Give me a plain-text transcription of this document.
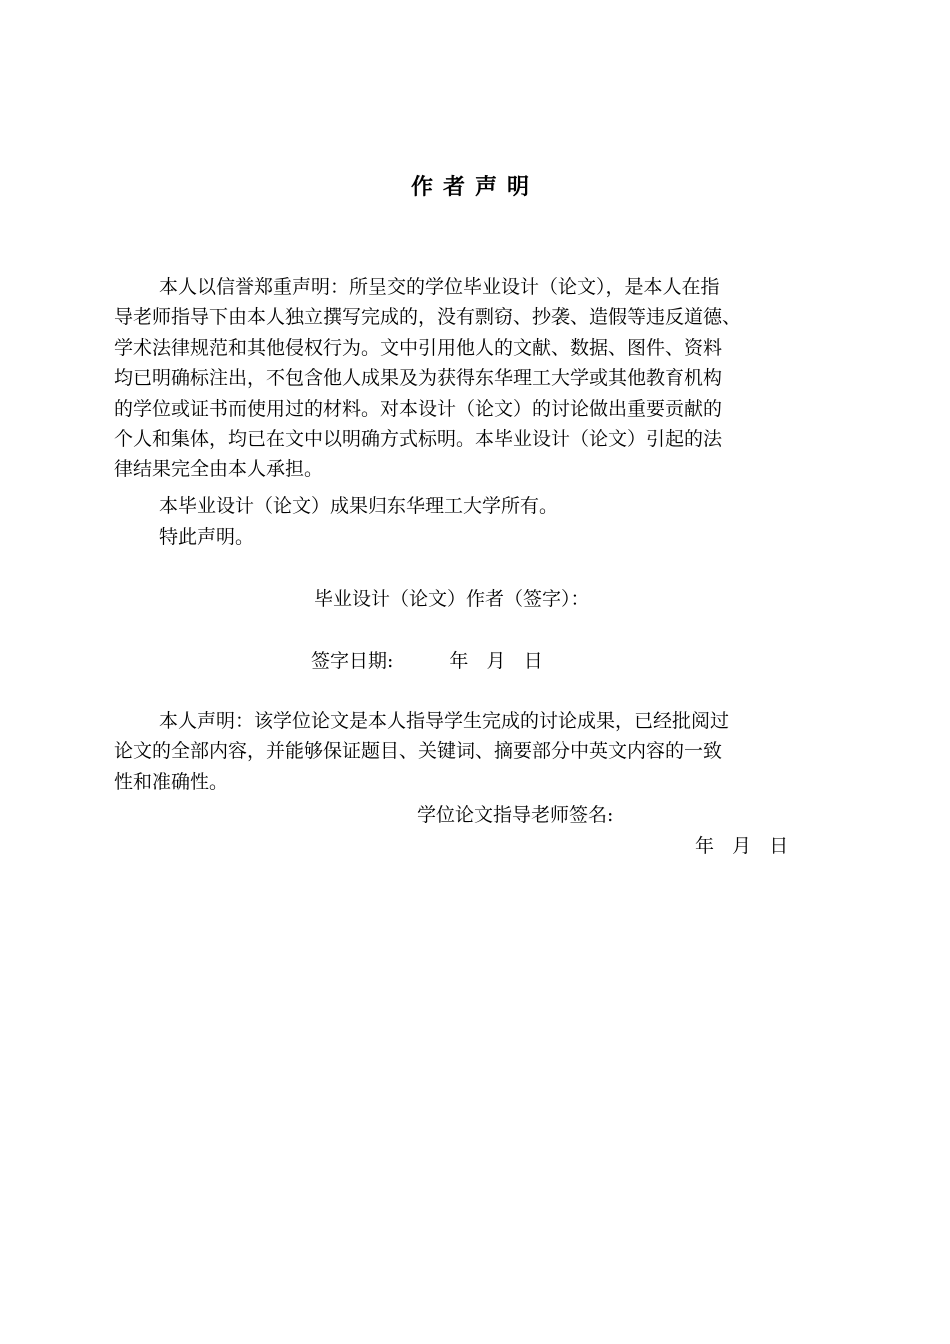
作者声明
本人以信誉郑重声明：所呈交的学位毕业设计（论文），是本人在指
导老师指导下由本人独立撰写完成的，没有剽窃、抄袭、造假等违反道德、
学术法律规范和其他侵权行为。文中引用他人的文献、数据、图件、资料
均已明确标注出，不包含他人成果及为获得东华理工大学或其他教育机构
的学位或证书而使用过的材料。对本设计（论文）的讨论做出重要贡献的
个人和集体，均已在文中以明确方式标明。本毕业设计（论文）引起的法
律结果完全由本人承担。
本毕业设计（论文）成果归东华理工大学所有。
特此声明。
毕业设计（论文）作者（签字）：
签字日期:	年 月 日
本人声明：该学位论文是本人指导学生完成的讨论成果，已经批阅过
论文的全部内容，并能够保证题目、关键词、摘要部分中英文内容的一致
性和准确性。
学位论文指导老师签名:
年 月 日
